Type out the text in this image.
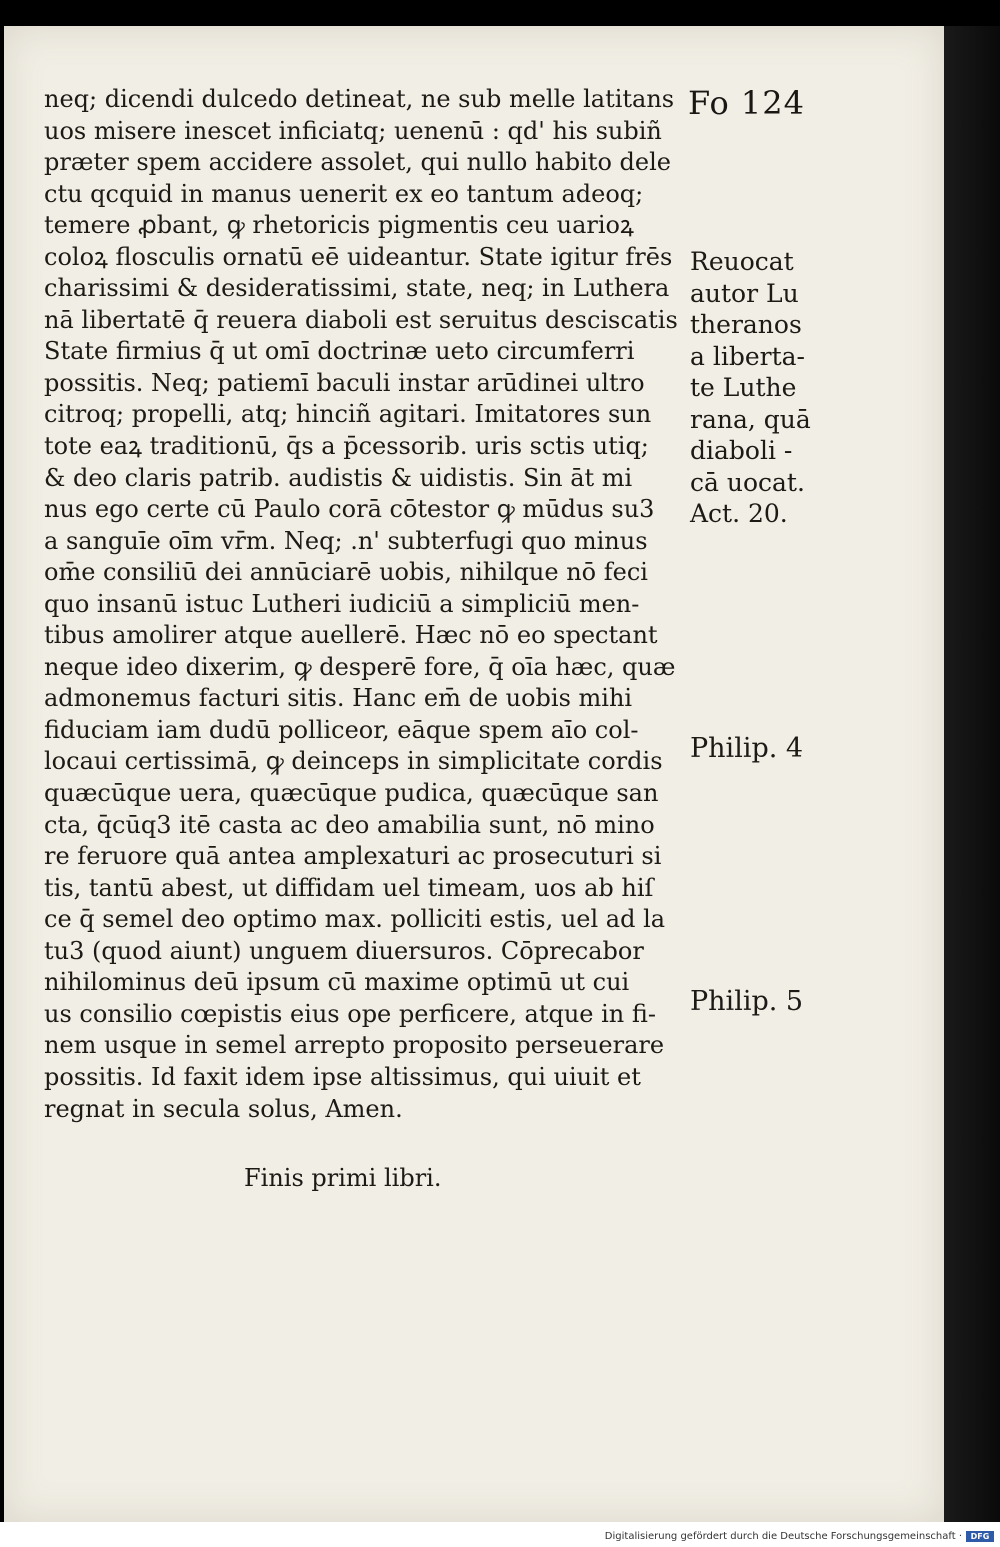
Fo 124
neq; dicendi dulcedo detineat, ne sub melle latitans
uos misere inescet inficiatq; uenenū : qd' his subiñ
præter spem accidere assolet, qui nullo habito dele
ctu qcquid in manus uenerit ex eo tantum adeoq;
temere ꝓbant, ꝙ rhetoricis pigmentis ceu uarioꝝ
coloꝝ flosculis ornatū eē uideantur. State igitur frēs
charissimi & desideratissimi, state, neq; in Luthera
nā libertatē q̄ reuera diaboli est seruitus desciscatis
State firmius q̄ ut omī doctrinæ ueto circumferri
possitis. Neq; patiemī baculi instar arūdinei ultro
citroq; propelli, atq; hinciñ agitari. Imitatores sun
tote eaꝝ traditionū, q̄s a p̄cessorib. uris sctis utiq;
& deo claris patrib. audistis & uidistis. Sin āt mi
nus ego certe cū Paulo corā cōtestor ꝙ mūdus su3
a sanguīe oīm vr̄m. Neq; .n' subterfugi quo minus
om̄e consiliū dei annūciarē uobis, nihilque nō feci
quo insanū istuc Lutheri iudiciū a simpliciū men-
tibus amolirer atque auellerē. Hæc nō eo spectant
neque ideo dixerim, ꝙ desperē fore, q̄ oīa hæc, quæ
admonemus facturi sitis. Hanc em̄ de uobis mihi
fiduciam iam dudū polliceor, eāque spem aīo col-
locaui certissimā, ꝙ deinceps in simplicitate cordis
quæcūque uera, quæcūque pudica, quæcūque san
cta, q̄cūq3 itē casta ac deo amabilia sunt, nō mino
re feruore quā antea amplexaturi ac prosecuturi si
tis, tantū abest, ut diffidam uel timeam, uos ab hiſ
ce q̄ semel deo optimo max. polliciti estis, uel ad la
tu3 (quod aiunt) unguem diuersuros. Cōprecabor
nihilominus deū ipsum cū maxime optimū ut cui
us consilio cœpistis eius ope perficere, atque in fi-
nem usque in semel arrepto proposito perseuerare
possitis. Id faxit idem ipse altissimus, qui uiuit et
regnat in secula solus, Amen.
Reuocat
autor Lu
theranos
a liberta-
te Luthe
rana, quā
diaboli -
cā uocat.
Act. 20.
Philip. 4
Philip. 5
Finis primi libri.
Digitalisierung gefördert durch die Deutsche Forschungsgemeinschaft ·	DFG
